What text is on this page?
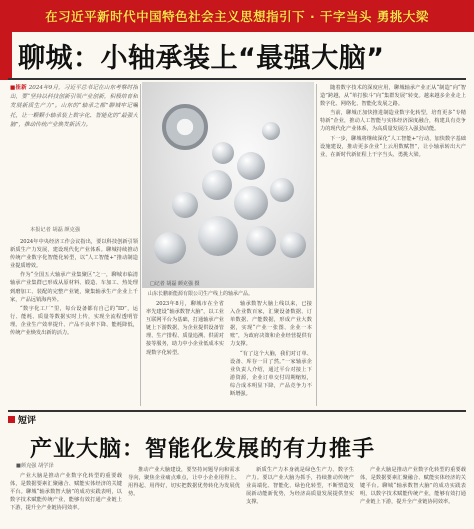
在习近平新时代中国特色社会主义思想指引下 · 干字当头 勇挑大梁
聊城：小轴承装上“最强大脑”
■崔新 2024年9月，习近平总书记在山东考察时指出，要“坚持以科技创新引领产业创新，积极培育和发展新质生产力”。山东的“轴承之都”聊城牢记嘱托，让一颗颗小轴承装上数字化、智能化的“最强大脑”，推动传统产业焕发新活力。
本报记者 胡磊 颜克强

2024年中央经济工作会议指出，要以科技创新引领新质生产力发展，建设现代化产业体系。聊城持续推动传统产业数字化智能化转型，以“人工智能+”推动制造业提质增效。

作为“全国五大轴承产业集聚区”之一，聊城市临清轴承产业集群已形成从原材料、锻造、车加工、热处理到磨加工、装配的完整产业链，聚集轴承生产企业上千家，产品远销海内外。

“数字化工厂”里，每台设备都有自己的“ID”，运行、能耗、质量等数据实时上传，实现全流程透明管理。企业生产效率提升、产品不良率下降、能耗降低，传统产业焕发出新的活力。

□记者 胡磊 颜克强 摄
山东长鹏新能源有限公司生产线上的轴承产品。

2023年8月，聊城市在全省率先建设“轴承数智大脑”，以工业互联网平台为基础，打通轴承产业链上下游数据，为企业提供设备管理、生产排程、质量追溯、供需对接等服务，助力中小企业低成本实现数字化转型。

轴承数智大脑上线以来，已接入企业数百家，汇聚设备数据、订单数据、产能数据，形成产业大数据，实现“产业一张图、企业一本账”，为政府决策和企业经营提供有力支撑。

“有了这个大脑，我们对订单、设备、库存一目了然。”一家轴承企业负责人介绍，通过平台对接上下游资源，企业订单交付周期缩短，综合成本明显下降，产品竞争力不断增强。

随着数字技术的深度应用，聊城轴承产业正从“制造”向“智造”跨越，从“单打独斗”向“集群发展”转变。越来越多企业走上数字化、网络化、智能化发展之路。

当前，聊城正加快推进制造业数字化转型，培育更多“专精特新”企业，推动人工智能与实体经济深度融合，构建具有竞争力的现代化产业体系，为高质量发展注入强劲动能。

下一步，聊城将继续深化“人工智能+”行动，加快数字基础设施建设，推动更多企业“上云用数赋智”，让小轴承转出大产业，在新时代新征程上干字当头、勇挑大梁。

短评
产业大脑：智能化发展的有力推手
■颜克强 胡学泽

产业大脑是推动产业数字化转型的重要载体，是数据要素汇聚融合、赋能实体经济的关键平台。聊城“轴承数智大脑”的成功实践表明，以数字技术赋能传统产业，能够有效打通产业链上下游，提升全产业链协同效率。

推动产业大脑建设，要坚持问题导向和需求导向，聚焦企业痛点难点，让中小企业用得上、用得起、用得好，切实把数据优势转化为发展优势。

新质生产力本身就是绿色生产力、数字生产力。要以产业大脑为抓手，持续推动传统产业高端化、智能化、绿色化转型，不断塑造发展新动能新优势，为经济高质量发展提供坚实支撑。

产业大脑是推动产业数字化转型的重要载体，是数据要素汇聚融合、赋能实体经济的关键平台。聊城“轴承数智大脑”的成功实践表明，以数字技术赋能传统产业，能够有效打通产业链上下游，提升全产业链协同效率。
